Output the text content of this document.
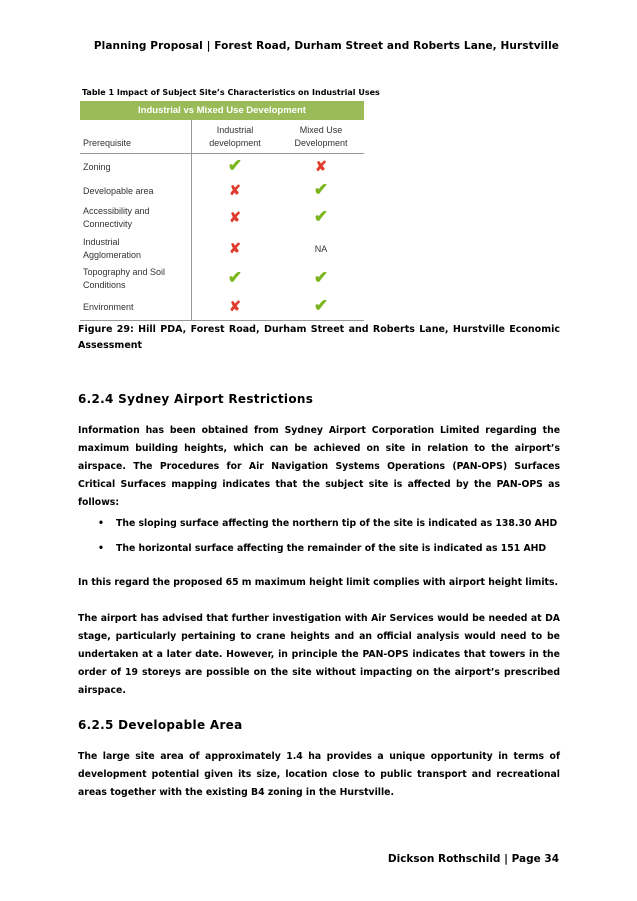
Planning Proposal | Forest Road, Durham Street and Roberts Lane, Hurstville
Table 1 Impact of Subject Site’s Characteristics on Industrial Uses
Industrial vs Mixed Use Development		
Prerequisite	Industrial development	Mixed Use Development
Zoning	✔	✘
Developable area	✘	✔
Accessibility and Connectivity	✘	✔
Industrial Agglomeration	✘	NA
Topography and Soil Conditions	✔	✔
Environment	✘	✔
Figure 29: Hill PDA, Forest Road, Durham Street and Roberts Lane, Hurstville Economic Assessment
6.2.4 Sydney Airport Restrictions

Information has been obtained from Sydney Airport Corporation Limited regarding the maximum building heights, which can be achieved on site in relation to the airport’s airspace. The Procedures for Air Navigation Systems Operations (PAN-OPS) Surfaces Critical Surfaces mapping indicates that the subject site is affected by the PAN-OPS as follows:

• The sloping surface affecting the northern tip of the site is indicated as 138.30 AHD
• The horizontal surface affecting the remainder of the site is indicated as 151 AHD

In this regard the proposed 65 m maximum height limit complies with airport height limits.

The airport has advised that further investigation with Air Services would be needed at DA stage, particularly pertaining to crane heights and an official analysis would need to be undertaken at a later date. However, in principle the PAN-OPS indicates that towers in the order of 19 storeys are possible on the site without impacting on the airport’s prescribed airspace.

6.2.5 Developable Area

The large site area of approximately 1.4 ha provides a unique opportunity in terms of development potential given its size, location close to public transport and recreational areas together with the existing B4 zoning in the Hurstville.

Dickson Rothschild | Page 34
